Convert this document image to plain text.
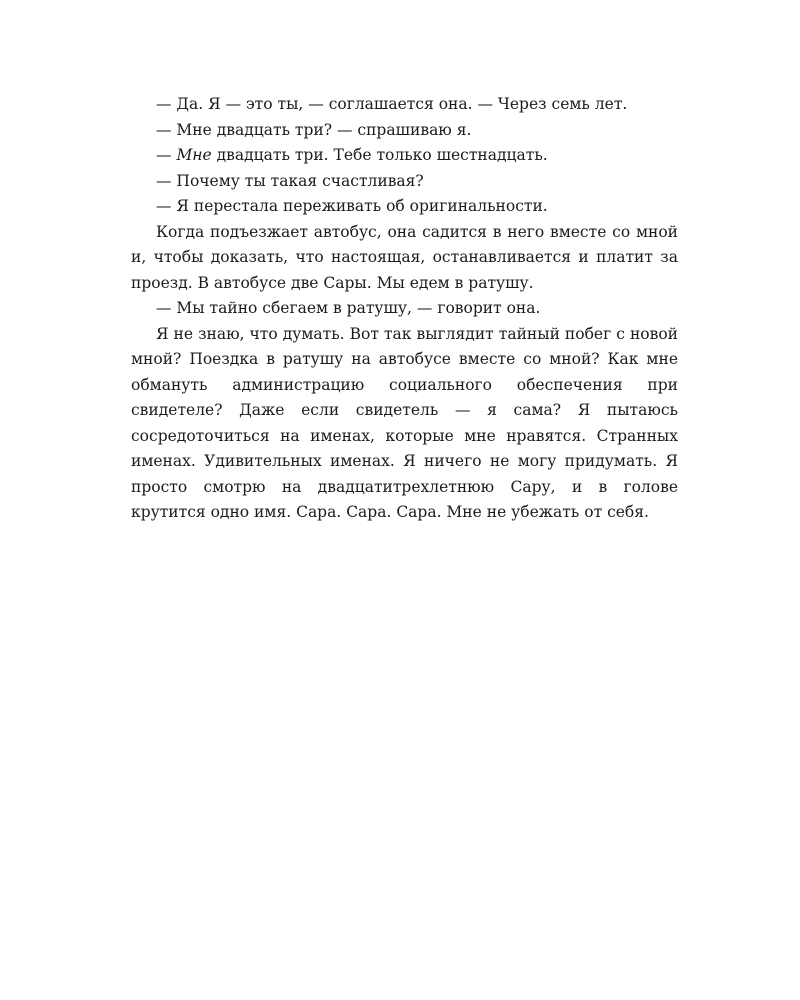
— Да. Я — это ты, — соглашается она. — Через семь лет.

— Мне двадцать три? — спрашиваю я.

— Мне двадцать три. Тебе только шестнадцать.

— Почему ты такая счастливая?

— Я перестала переживать об оригинальности.

Когда подъезжает автобус, она садится в него вместе со мной и, чтобы доказать, что настоящая, останавливается и платит за проезд. В автобусе две Сары. Мы едем в ратушу.

— Мы тайно сбегаем в ратушу, — говорит она.

Я не знаю, что думать. Вот так выглядит тайный побег с новой мной? Поездка в ратушу на автобусе вместе со мной? Как мне обмануть администрацию социального обеспечения при свидетеле? Даже если свидетель — я сама? Я пытаюсь сосредоточиться на именах, которые мне нравятся. Странных именах. Удивительных именах. Я ничего не могу придумать. Я просто смотрю на двадцатитрехлетнюю Сару, и в голове крутится одно имя. Сара. Сара. Сара. Мне не убежать от себя.
